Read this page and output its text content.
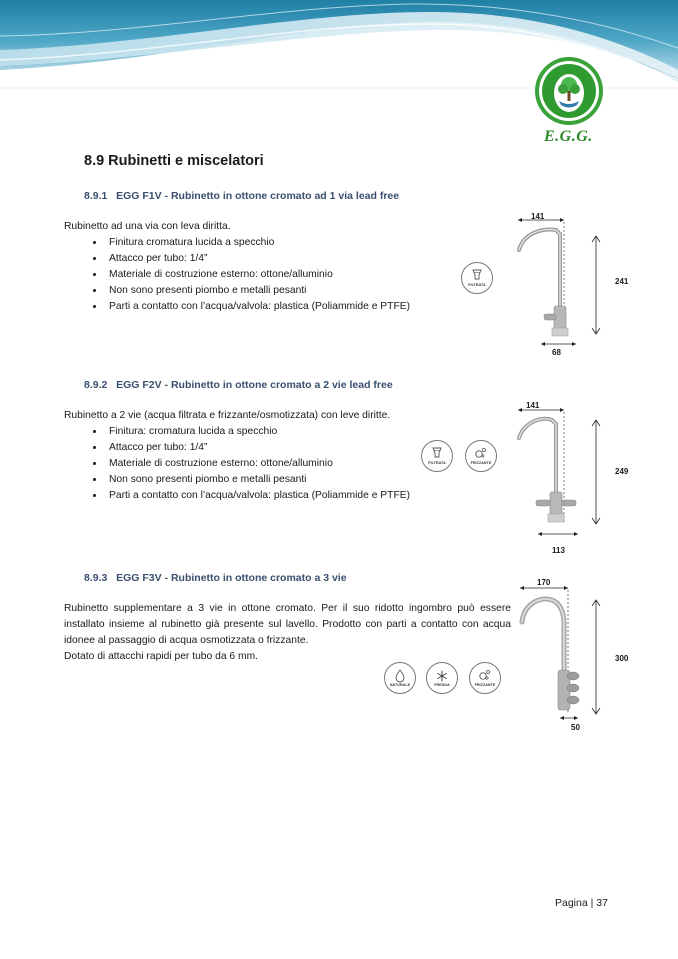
E.G.G.
8.9 Rubinetti e miscelatori
8.9.1 EGG F1V - Rubinetto in ottone cromato ad 1 via lead free
Rubinetto ad una via con leva diritta.
• Finitura cromatura lucida a specchio
• Attacco per tubo: 1/4”
• Materiale di costruzione esterno: ottone/alluminio
• Non sono presenti piombo e metalli pesanti
• Parti a contatto con l’acqua/valvola: plastica (Poliammide e PTFE)
FILTRATA
141
241
68
8.9.2 EGG F2V - Rubinetto in ottone cromato a 2 vie lead free
Rubinetto a 2 vie (acqua filtrata e frizzante/osmotizzata) con leve diritte.
• Finitura: cromatura lucida a specchio
• Attacco per tubo: 1/4”
• Materiale di costruzione esterno: ottone/alluminio
• Non sono presenti piombo e metalli pesanti
• Parti a contatto con l’acqua/valvola: plastica (Poliammide e PTFE)
FILTRATA	FRIZZANTE
141
249
113
8.9.3 EGG F3V - Rubinetto in ottone cromato a 3 vie
Rubinetto supplementare a 3 vie in ottone cromato. Per il suo ridotto ingombro può essere installato insieme al rubinetto già presente sul lavello. Prodotto con parti a contatto con acqua idonee al passaggio di acqua osmotizzata o frizzante.
Dotato di attacchi rapidi per tubo da 6 mm.
NATURALE	FREDDA	FRIZZANTE
170
300
50
Pagina | 37
